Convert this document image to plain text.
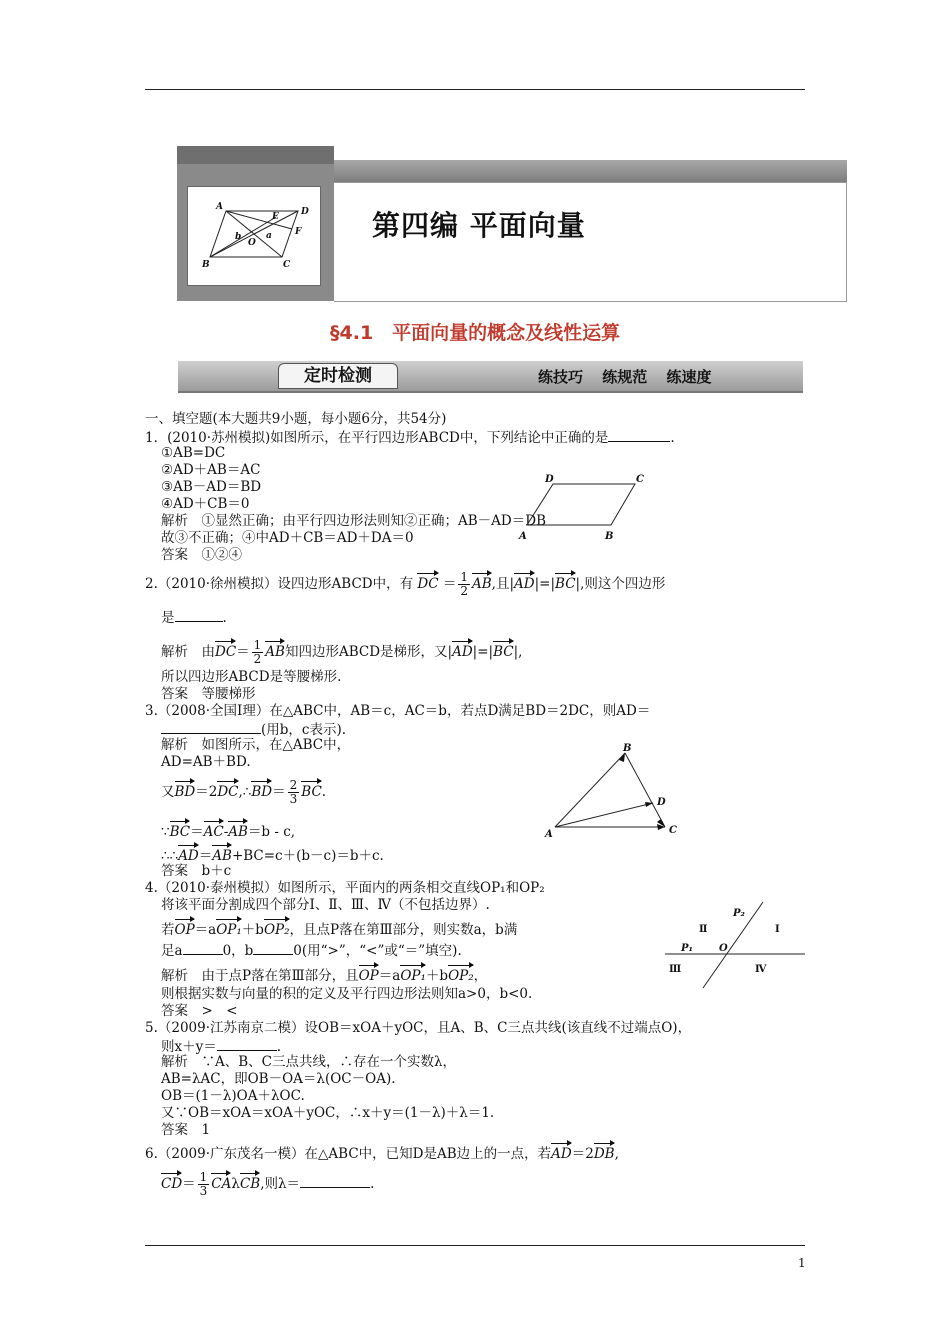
A	D
E
F
b
O
a
B	C
第四编 平面向量
§4.1　平面向量的概念及线性运算
定时检测	练技巧 练规范 练速度
一、填空题(本大题共9小题，每小题6分，共54分)
1．(2010·苏州模拟)如图所示，在平行四边形ABCD中，下列结论中正确的是	.
①AB=DC
②AD＋AB＝AC
③AB－AD＝BD
④AD＋CB＝0
解析　①显然正确；由平行四边形法则知②正确；AB－AD＝DB
故③不正确；④中AD＋CB＝AD＋DA＝0
答案　①②④
D	C
A	B
2.（2010·徐州模拟）设四边形ABCD中，有 DC ＝ $\frac{1}{2}$ AB,且|AD|=|BC|,则这个四边形
是	.
解析　由$DC= \frac{1}{2}$ AB知四边形ABCD是梯形，又|AD|=|BC|,
所以四边形ABCD是等腰梯形.
答案　等腰梯形
3.（2008·全国Ⅰ理）在△ABC中，AB＝c，AC＝b，若点D满足BD＝2DC，则AD＝
(用b，c表示).
解析　如图所示，在△ABC中，
AD=AB＋BD.
又BD＝2DC,∴BD＝ $\frac{2}{3}$ BC.
∵BC＝AC-AB＝b - c,
∴∴AD＝AB+BC=c＋(b－c)＝b＋c.
答案　b＋c
B
D
A	C
4.（2010·泰州模拟）如图所示，平面内的两条相交直线OP₁和OP₂
将该平面分割成四个部分Ⅰ、Ⅱ、Ⅲ、Ⅳ（不包括边界）.
若OP＝aOP₁＋bOP₂，且点P落在第Ⅲ部分，则实数a，b满
足a	0，b	0(用“>”，“<”或“＝”填空).
解析　由于点P落在第Ⅲ部分，且OP＝aOP₁＋bOP₂，
则根据实数与向量的积的定义及平行四边形法则知a>0，b<0.
答案　>　<
P₂
Ⅱ	Ⅰ
P₁	O
Ⅲ	Ⅳ
5.（2009·江苏南京二模）设OB＝xOA＋yOC，且A、B、C三点共线(该直线不过端点O)，
则x＋y＝	.
解析　∵A、B、C三点共线，∴存在一个实数λ，
AB=λAC，即OB－OA＝λ(OC－OA).
OB＝(1－λ)OA＋λOC.
又∵OB＝xOA＝xOA＋yOC，∴x＋y＝(1－λ)＋λ＝1.
答案　1
6.（2009·广东茂名一模）在△ABC中，已知D是AB边上的一点，若AD＝2DB,
$CD= \frac{1}{3} CA\lambda CB$,则λ＝	.
1
